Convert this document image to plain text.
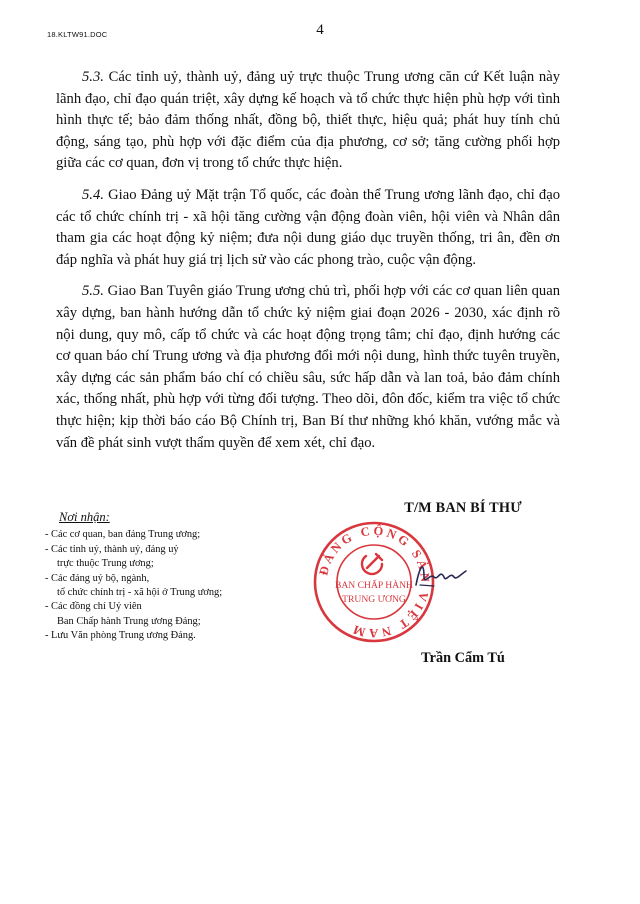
18.KLTW91.DOC	4

5.3. Các tỉnh uỷ, thành uỷ, đảng uỷ trực thuộc Trung ương căn cứ Kết luận này lãnh đạo, chỉ đạo quán triệt, xây dựng kế hoạch và tổ chức thực hiện phù hợp với tình hình thực tế; bảo đảm thống nhất, đồng bộ, thiết thực, hiệu quả; phát huy tính chủ động, sáng tạo, phù hợp với đặc điểm của địa phương, cơ sở; tăng cường phối hợp giữa các cơ quan, đơn vị trong tổ chức thực hiện.

5.4. Giao Đảng uỷ Mặt trận Tổ quốc, các đoàn thể Trung ương lãnh đạo, chỉ đạo các tổ chức chính trị - xã hội tăng cường vận động đoàn viên, hội viên và Nhân dân tham gia các hoạt động kỷ niệm; đưa nội dung giáo dục truyền thống, tri ân, đền ơn đáp nghĩa và phát huy giá trị lịch sử vào các phong trào, cuộc vận động.

5.5. Giao Ban Tuyên giáo Trung ương chủ trì, phối hợp với các cơ quan liên quan xây dựng, ban hành hướng dẫn tổ chức kỷ niệm giai đoạn 2026 - 2030, xác định rõ nội dung, quy mô, cấp tổ chức và các hoạt động trọng tâm; chỉ đạo, định hướng các cơ quan báo chí Trung ương và địa phương đổi mới nội dung, hình thức tuyên truyền, xây dựng các sản phẩm báo chí có chiều sâu, sức hấp dẫn và lan toả, bảo đảm chính xác, thống nhất, phù hợp với từng đối tượng. Theo dõi, đôn đốc, kiểm tra việc tổ chức thực hiện; kịp thời báo cáo Bộ Chính trị, Ban Bí thư những khó khăn, vướng mắc và vấn đề phát sinh vượt thẩm quyền để xem xét, chỉ đạo.

Nơi nhận:
- Các cơ quan, ban đảng Trung ương;
- Các tỉnh uỷ, thành uỷ, đảng uỷ
trực thuộc Trung ương;
- Các đảng uỷ bộ, ngành,
tổ chức chính trị - xã hội ở Trung ương;
- Các đồng chí Uỷ viên
Ban Chấp hành Trung ương Đảng;
- Lưu Văn phòng Trung ương Đảng.
T/M BAN BÍ THƯ
ĐẢNG CỘNG SẢN VIỆT NAM
BAN CHẤP HÀNH
TRUNG ƯƠNG
Trần Cẩm Tú
